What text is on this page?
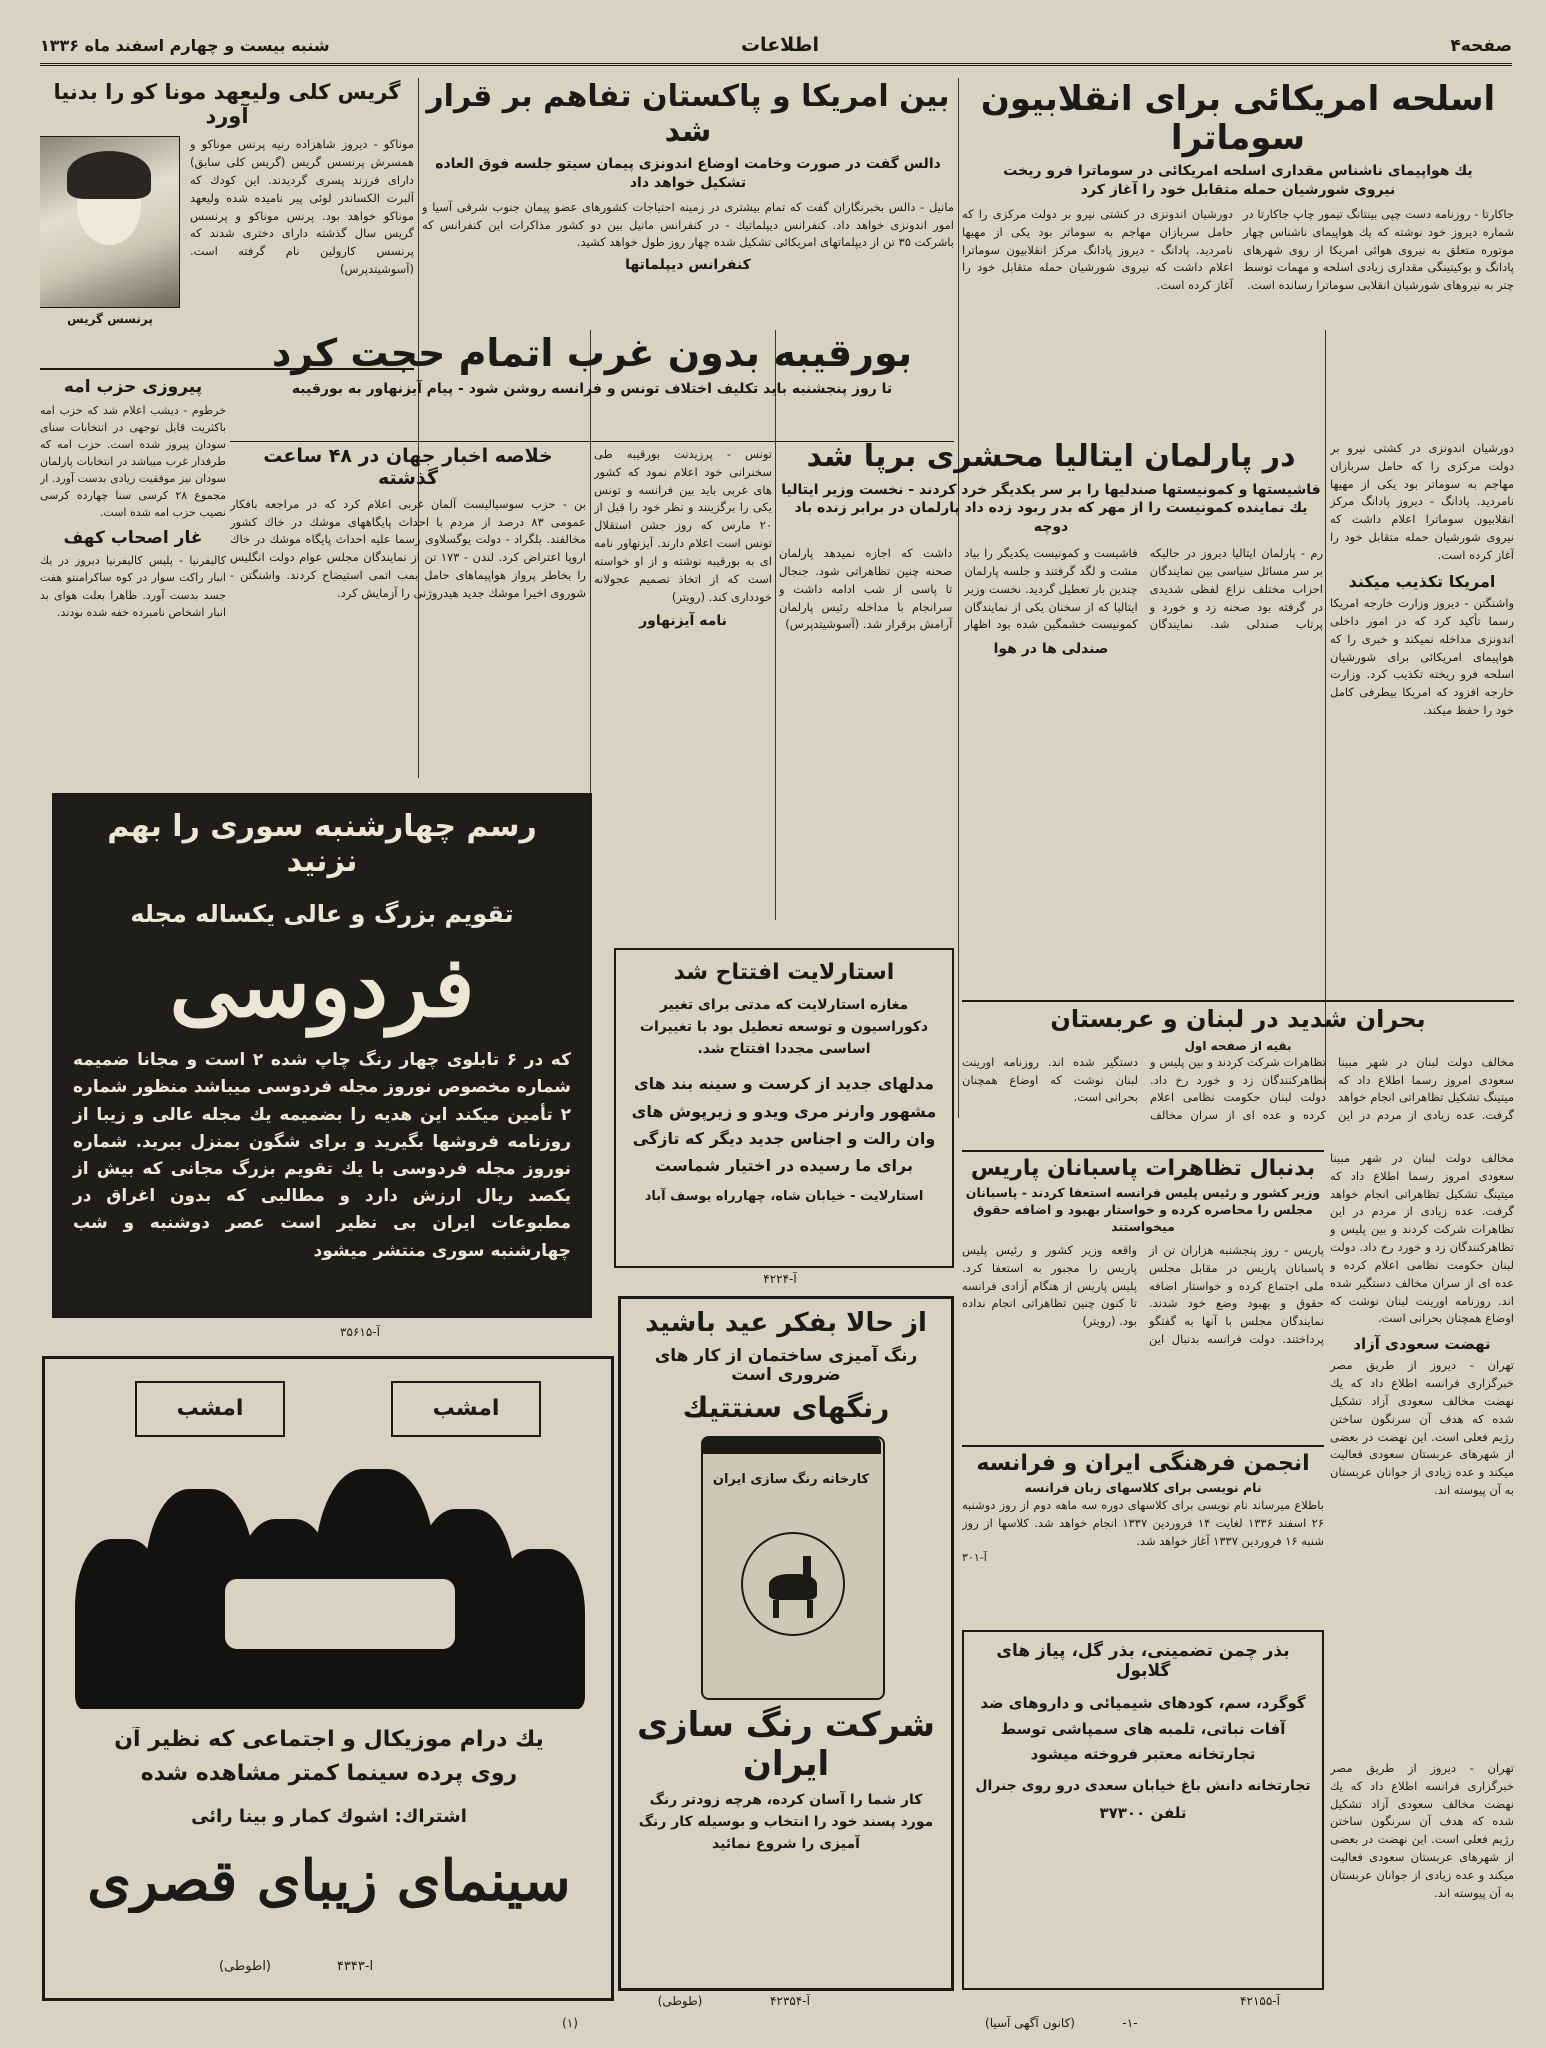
صفحه۴
اطلاعات
شنبه بیست و چهارم اسفند ماه ۱۳۳۶
اسلحه امریکائی برای انقلابیون سوماترا
یك هواپیمای ناشناس مقداری اسلحه امریکائی در سوماترا فرو ریخت
نیروی شورشیان حمله متقابل خود را آغاز کرد
جاکارتا - روزنامه دست چپی بینتانگ تیمور چاپ جاکارتا در شماره دیروز خود نوشته که یك هواپیمای ناشناس چهار موتوره متعلق به نیروی هوائی امریکا از روی شهرهای پادانگ و بوکیتینگی مقداری زیادی اسلحه و مهمات توسط چتر به نیروهای شورشیان انقلابی سوماترا رسانده است.
دورشیان اندونزی در کشتی نیرو بر دولت مرکزی را که حامل سربازان مهاجم به سوماتر بود یکی از مهیها نامردید. پادانگ - دیروز پادانگ مرکز انقلابیون سوماترا اعلام داشت که نیروی شورشیان حمله متقابل خود را آغاز کرده است.
بین امریکا و پاکستان تفاهم بر قرار شد
دالس گفت در صورت وخامت اوضاع اندونزی پیمان سیتو جلسه فوق العاده تشکیل خواهد داد
مانیل - دالس بخبرنگاران گفت که تمام بیشتری در زمینه احتیاجات کشورهای عضو پیمان جنوب شرقی آسیا و امور اندونزی خواهد داد. کنفرانس دیپلماتیك - در کنفرانس مانیل بین دو کشور مذاکرات این کنفرانس که باشرکت ۳۵ تن از دیپلماتهای امریکائی تشکیل شده چهار روز طول خواهد کشید.
کنفرانس دیپلماتها
گریس کلی ولیعهد مونا کو را بدنیا آورد
موناکو - دیروز شاهزاده رنیه پرنس موناکو و همسرش پرنسس گریس (گریس کلی سابق) دارای فرزند پسری گردیدند. این کودك که آلبرت الکساندر لوئی پیر نامیده شده ولیعهد موناکو خواهد بود. پرنس موناکو و پرنسس گریس سال گذشته دارای دختری شدند که پرنسس کارولین نام گرفته است. (آسوشیتدپرس)
پرنسس گریس
بورقیبه بدون غرب اتمام حجت کرد
تا روز پنجشنبه باید تکلیف اختلاف تونس و فرانسه روشن شود - پیام آیزنهاور به بورقیبه
پیروزی حزب امه
خرطوم - دیشب اعلام شد که حزب امه باکثریت قابل توجهی در انتخابات سنای سودان پیروز شده است. حزب امه که طرفدار غرب میباشد در انتخابات پارلمان سودان نیز موفقیت زیادی بدست آورد. از مجموع ۲۸ کرسی سنا چهارده کرسی نصیب حزب امه شده است.
غار اصحاب کهف
کالیفرنیا - پلیس کالیفرنیا دیروز در یك انبار راکت سوار در کوه ساکرامنتو هفت جسد بدست آورد. ظاهرا بعلت هوای بد انبار اشخاص نامبرده خفه شده بودند.
خلاصه اخبار جهان در ۴۸ ساعت گذشته
بن - حزب سوسیالیست آلمان غربی اعلام کرد که در مراجعه بافکار عمومی ۸۳ درصد از مردم با احداث پایگاههای موشك در خاك کشور مخالفند. بلگراد - دولت یوگسلاوی رسما علیه احداث پایگاه موشك در خاك اروپا اعتراض کرد. لندن - ۱۷۳ تن از نمایندگان مجلس عوام دولت انگلیس را بخاطر پرواز هواپیماهای حامل بمب اتمی استیضاح کردند. واشنگتن - شوروی اخیرا موشك جدید هیدروژنی را آزمایش کرد.
تونس - پرزیدنت بورقیبه طی سخنرانی خود اعلام نمود که کشور های غربی باید بین فرانسه و تونس یکی را برگزینند و نظر خود را قبل از ۲۰ مارس که روز جشن استقلال تونس است اعلام دارند. آیزنهاور نامه ای به بورقیبه نوشته و از او خواسته است که از اتخاذ تصمیم عجولانه خودداری کند. (رویتر)
نامه آیزنهاور
در پارلمان ایتالیا محشری برپا شد
فاشیستها و کمونیستها صندلیها را بر سر یکدیگر خرد کردند - نخست وزیر ایتالیا یك نماینده کمونیست را از مهر که بدر ربود زده داد پارلمان در برابر زنده باد دوچه
رم - پارلمان ایتالیا دیروز در حالیکه بر سر مسائل سیاسی بین نمایندگان احزاب مختلف نزاع لفظی شدیدی در گرفته بود صحنه زد و خورد و پرتاب صندلی شد. نمایندگان فاشیست و کمونیست یکدیگر را بیاد مشت و لگد گرفتند و جلسه پارلمان چندین بار تعطیل گردید. نخست وزیر ایتالیا که از سخنان یکی از نمایندگان کمونیست خشمگین شده بود اظهار داشت که اجازه نمیدهد پارلمان صحنه چنین تظاهراتی شود. جنجال تا پاسی از شب ادامه داشت و سرانجام با مداخله رئیس پارلمان آرامش برقرار شد. (آسوشیتدپرس)
صندلی ها در هوا
دورشیان اندونزی در کشتی نیرو بر دولت مرکزی را که حامل سربازان مهاجم به سوماتر بود یکی از مهیها نامردید. پادانگ - دیروز پادانگ مرکز انقلابیون سوماترا اعلام داشت که نیروی شورشیان حمله متقابل خود را آغاز کرده است.
امریکا تکذیب میکند
واشنگتن - دیروز وزارت خارجه امریکا رسما تأکید کرد که در امور داخلی اندونزی مداخله نمیکند و خبری را که هواپیمای امریکائی برای شورشیان اسلحه فرو ریخته تکذیب کرد. وزارت خارجه افزود که امریکا بیطرفی کامل خود را حفظ میکند.
بحران شدید در لبنان و عربستان
بقیه از صفحه اول
مخالف دولت لبنان در شهر مبینا سعودی امروز رسما اطلاع داد که میتینگ تشکیل تظاهراتی انجام خواهد گرفت. عده زیادی از مردم در این تظاهرات شرکت کردند و بین پلیس و تظاهرکنندگان زد و خورد رخ داد. دولت لبنان حکومت نظامی اعلام کرده و عده ای از سران مخالف دستگیر شده اند. روزنامه اورینت لبنان نوشت که اوضاع همچنان بحرانی است.
بدنبال تظاهرات پاسبانان پاریس
وزیر کشور و رئیس پلیس فرانسه استعفا کردند - پاسبانان مجلس را محاصره کرده و خواستار بهبود و اضافه حقوق میخواستند
پاریس - روز پنجشنبه هزاران تن از پاسبانان پاریس در مقابل مجلس ملی اجتماع کرده و خواستار اضافه حقوق و بهبود وضع خود شدند. نمایندگان مجلس با آنها به گفتگو پرداختند. دولت فرانسه بدنبال این واقعه وزیر کشور و رئیس پلیس پاریس را مجبور به استعفا کرد. پلیس پاریس از هنگام آزادی فرانسه تا کنون چنین تظاهراتی انجام نداده بود. (رویتر)
مخالف دولت لبنان در شهر مبینا سعودی امروز رسما اطلاع داد که میتینگ تشکیل تظاهراتی انجام خواهد گرفت. عده زیادی از مردم در این تظاهرات شرکت کردند و بین پلیس و تظاهرکنندگان زد و خورد رخ داد. دولت لبنان حکومت نظامی اعلام کرده و عده ای از سران مخالف دستگیر شده اند. روزنامه اورینت لبنان نوشت که اوضاع همچنان بحرانی است.
نهضت سعودی آزاد
تهران - دیروز از طریق مصر خبرگزاری فرانسه اطلاع داد که یك نهضت مخالف سعودی آزاد تشکیل شده که هدف آن سرنگون ساختن رژیم فعلی است. این نهضت در بعضی از شهرهای عربستان سعودی فعالیت میکند و عده زیادی از جوانان عربستان به آن پیوسته اند.
انجمن فرهنگی ایران و فرانسه
نام نویسی برای کلاسهای زبان فرانسه
باطلاع میرساند نام نویسی برای کلاسهای دوره سه ماهه دوم از روز دوشنبه ۲۶ اسفند ۱۳۳۶ لغایت ۱۴ فروردین ۱۳۳۷ انجام خواهد شد. کلاسها از روز شنبه ۱۶ فروردین ۱۳۳۷ آغاز خواهد شد.
آ-۳۰۱
رسم چهارشنبه سوری را بهم نزنید
تقویم بزرگ و عالی یکساله مجله
فردوسی
که در ۶ تابلوی چهار رنگ چاپ شده ۲ است و مجانا ضمیمه شماره مخصوص نوروز مجله فردوسی میباشد منظور شماره ۲ تأمین میکند این هدیه را بضمیمه یك مجله عالی و زیبا از روزنامه فروشها بگیرید و برای شگون بمنزل ببرید. شماره نوروز مجله فردوسی با یك تقویم بزرگ مجانی که بیش از یکصد ریال ارزش دارد و مطالبی که بدون اغراق در مطبوعات ایران بی نظیر است عصر دوشنبه و شب چهارشنبه سوری منتشر میشود
آ-۳۵۶۱۵
استارلایت افتتاح شد
مغازه استارلایت که مدتی برای تغییر دکوراسیون و توسعه تعطیل بود با تغییرات اساسی مجددا افتتاح شد.
مدلهای جدید از کرست و سینه بند های مشهور وارنر مری ویدو و زیرپوش های وان رالت و اجناس جدید دیگر که تازگی برای ما رسیده در اختیار شماست
استارلایت - خیابان شاه، چهارراه یوسف آباد
آ-۴۲۲۴
امشب
امشب
یك درام موزیکال و اجتماعی که نظیر آن
روی پرده سینما کمتر مشاهده شده
اشتراك: آشوك کمار و بینا رائی
سینمای زیبای قصری
آ-۴۳۴۳
(اطوطی)
از حالا بفکر عید باشید
رنگ آمیزی ساختمان از کار های
ضروری است
رنگهای سنتتیك
کارخانه رنگ سازی ایران
شرکت رنگ سازی
ایران
کار شما را آسان کرده، هرچه زودتر رنگ مورد پسند خود را انتخاب و بوسیله کار رنگ آمیزی را شروع نمائید
آ-۴۲۳۵۴
(طوطی)
بذر چمن تضمینی، بذر گل، پیاز های گلابول
گوگرد، سم، کودهای شیمیائی و داروهای ضد آفات نباتی، تلمبه های سمپاشی توسط تجارتخانه معتبر فروخته میشود
تجارتخانه دانش باغ خیابان سعدی درو روی جنرال
تلفن ۳۷۳۰۰
آ-۴۲۱۵۵
تهران - دیروز از طریق مصر خبرگزاری فرانسه اطلاع داد که یك نهضت مخالف سعودی آزاد تشکیل شده که هدف آن سرنگون ساختن رژیم فعلی است. این نهضت در بعضی از شهرهای عربستان سعودی فعالیت میکند و عده زیادی از جوانان عربستان به آن پیوسته اند.
(۱)	(کانون آگهی آسیا)	-۱-
